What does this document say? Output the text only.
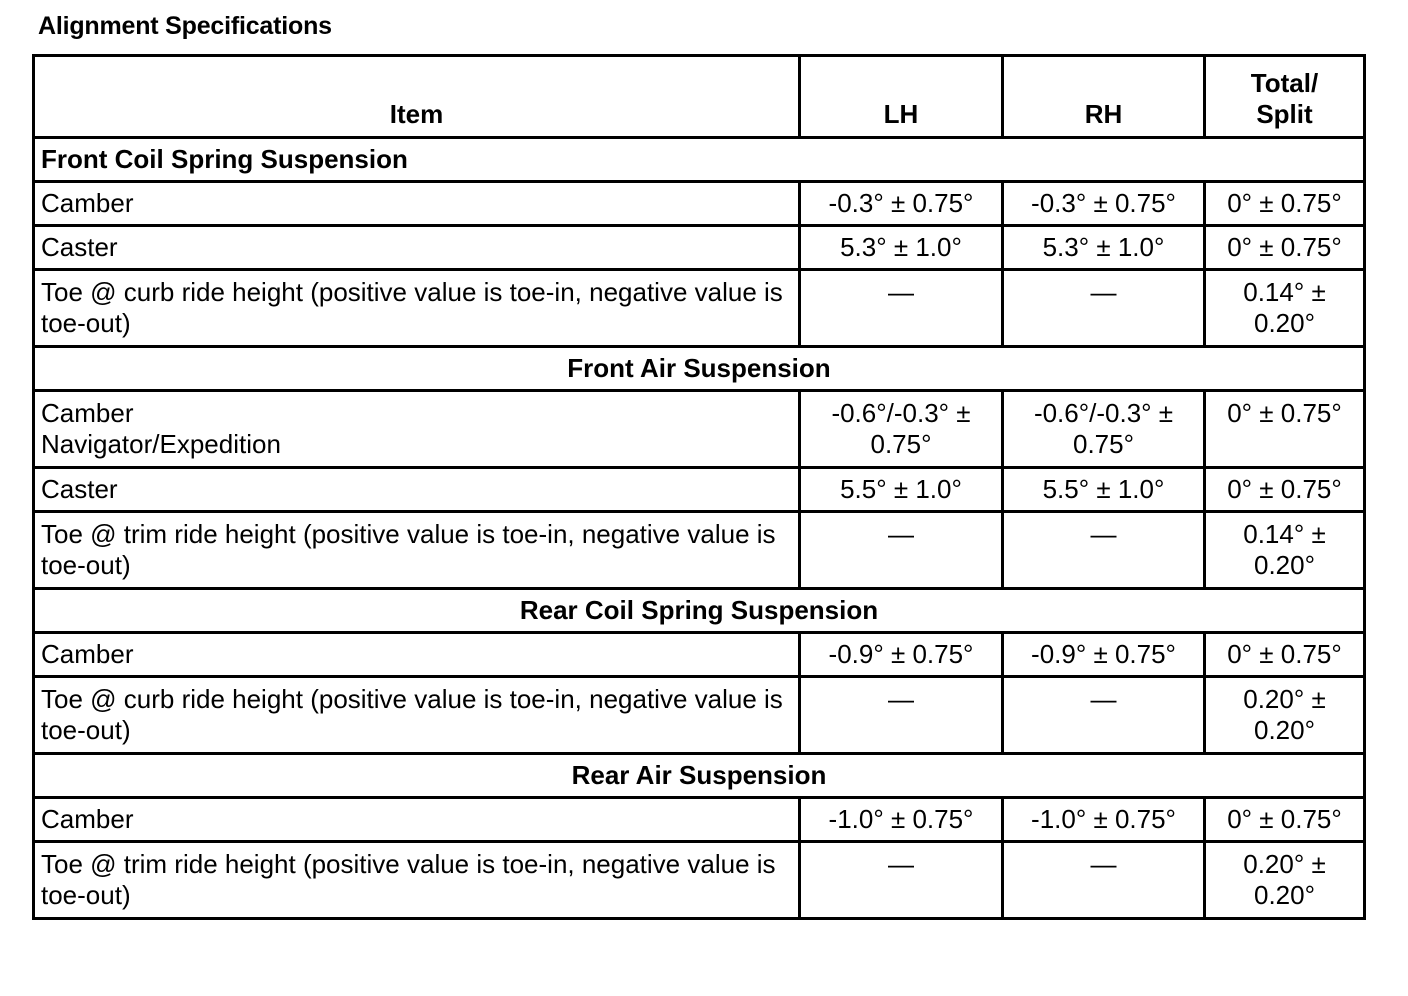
Alignment Specifications
Item	LH	RH	Total/
Split
Front Coil Spring Suspension			
Camber	-0.3° ± 0.75°	-0.3° ± 0.75°	0° ± 0.75°
Caster	5.3° ± 1.0°	5.3° ± 1.0°	0° ± 0.75°
Toe @ curb ride height (positive value is toe-in, negative value is toe-out)	—	—	0.14° ± 0.20°
Front Air Suspension			
Camber Navigator/Expedition	-0.6°/-0.3° ± 0.75°	-0.6°/-0.3° ± 0.75°	0° ± 0.75°
Caster	5.5° ± 1.0°	5.5° ± 1.0°	0° ± 0.75°
Toe @ trim ride height (positive value is toe-in, negative value is toe-out)	—	—	0.14° ± 0.20°
Rear Coil Spring Suspension			
Camber	-0.9° ± 0.75°	-0.9° ± 0.75°	0° ± 0.75°
Toe @ curb ride height (positive value is toe-in, negative value is toe-out)	—	—	0.20° ± 0.20°
Rear Air Suspension			
Camber	-1.0° ± 0.75°	-1.0° ± 0.75°	0° ± 0.75°
Toe @ trim ride height (positive value is toe-in, negative value is toe-out)	—	—	0.20° ± 0.20°
